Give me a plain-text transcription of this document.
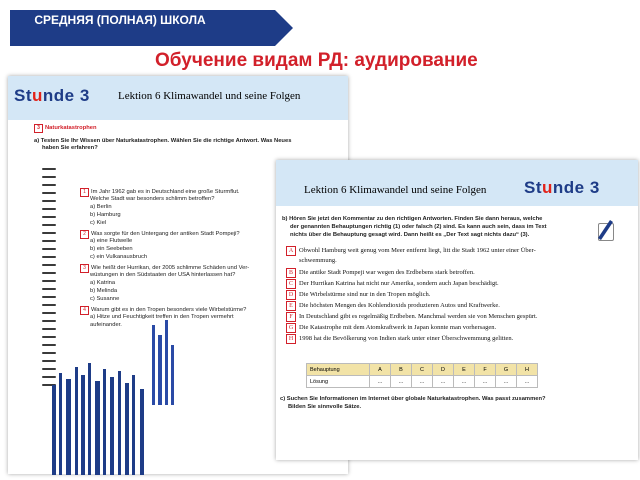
СРЕДНЯЯ (ПОЛНАЯ) ШКОЛА
Обучение видам РД: аудирование
Stunde 3	Lektion 6 Klimawandel und seine Folgen
3 Naturkatastrophen
a) Testen Sie Ihr Wissen über Naturkatastrophen. Wählen Sie die richtige Antwort. Was Neues
haben Sie erfahren?
1 Im Jahr 1962 gab es in Deutschland eine große Sturmflut.
Welche Stadt war besonders schlimm betroffen?
a) Berlin
b) Hamburg
c) Kiel
2 Was sorgte für den Untergang der antiken Stadt Pompeji?
a) eine Flutwelle
b) ein Seebeben
c) ein Vulkanausbruch
3 Wie heißt der Hurrikan, der 2005 schlimme Schäden und Ver-
wüstungen in den Südstaaten der USA hinterlassen hat?
a) Katrina
b) Melinda
c) Susanne
4 Warum gibt es in den Tropen besonders viele Wirbelstürme?
a) Hitze und Feuchtigkeit treffen in den Tropen vermehrt
aufeinander.
Lektion 6 Klimawandel und seine Folgen Stunde 3
b) Hören Sie jetzt den Kommentar zu den richtigen Antworten. Finden Sie dann heraus, welche
der genannten Behauptungen richtig (1) oder falsch (2) sind. Es kann auch sein, dass im Text
nichts über die Behauptung gesagt wird. Dann heißt es „Der Text sagt nichts dazu“ (3).
A Obwohl Hamburg weit genug vom Meer entfernt liegt, litt die Stadt 1962 unter einer Über-
schwemmung.
B Die antike Stadt Pompeji war wegen des Erdbebens stark betroffen.
C Der Hurrikan Katrina hat nicht nur Amerika, sondern auch Japan beschädigt.
D Die Wirbelstürme sind nur in den Tropen möglich.
E Die höchsten Mengen des Kohlendioxids produzieren Autos und Kraftwerke.
F In Deutschland gibt es regelmäßig Erdbeben. Manchmal werden sie von Menschen gespürt.
G Die Katastrophe mit dem Atomkraftwerk in Japan konnte man vorhersagen.
H 1998 hat die Bevölkerung von Indien stark unter einer Überschwemmung gelitten.
Behauptung	A	B	C	D	E	F	G	H
Lösung	…	…	…	…	…	…	…	…
c) Suchen Sie Informationen im Internet über globale Naturkatastrophen. Was passt zusammen?
Bilden Sie sinnvolle Sätze.
